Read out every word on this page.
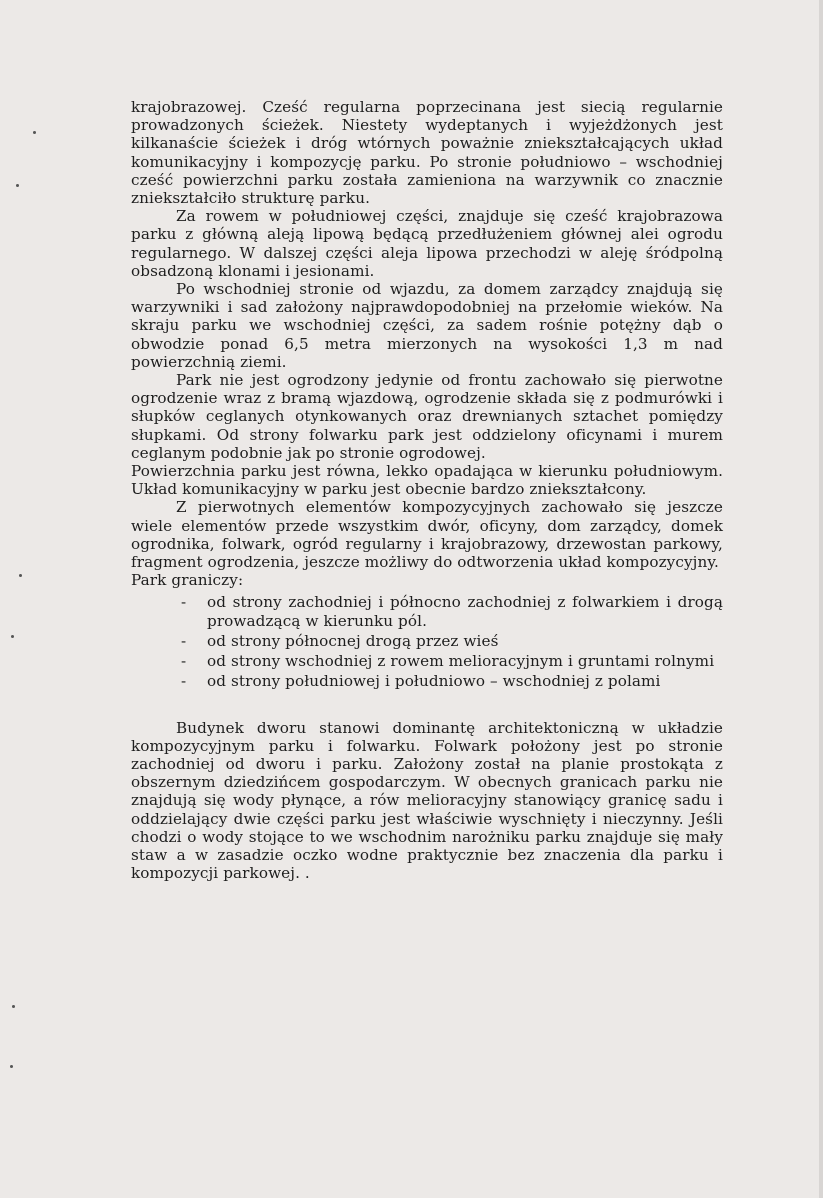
krajobrazowej. Cześć regularna poprzecinana jest siecią regularnie prowadzonych ścieżek. Niestety wydeptanych i wyjeżdżonych jest kilkanaście ścieżek i dróg wtórnych poważnie zniekształcających układ komunikacyjny i kompozycję parku. Po stronie południowo – wschodniej cześć powierzchni parku została zamieniona na warzywnik co znacznie zniekształciło strukturę parku.

Za rowem w południowej części, znajduje się cześć krajobrazowa parku z główną aleją lipową będącą przedłużeniem głównej alei ogrodu regularnego. W dalszej części aleja lipowa przechodzi w aleję śródpolną obsadzoną klonami i jesionami.

Po wschodniej stronie od wjazdu, za domem zarządcy znajdują się warzywniki i sad założony najprawdopodobniej na przełomie wieków. Na skraju parku we wschodniej części, za sadem rośnie potężny dąb o obwodzie ponad 6,5 metra mierzonych na wysokości 1,3 m nad powierzchnią ziemi.

Park nie jest ogrodzony jedynie od frontu zachowało się pierwotne ogrodzenie wraz z bramą wjazdową, ogrodzenie składa się z podmurówki i słupków ceglanych otynkowanych oraz drewnianych sztachet pomiędzy słupkami. Od strony folwarku park jest oddzielony oficynami i murem ceglanym podobnie jak po stronie ogrodowej.

Powierzchnia parku jest równa, lekko opadająca w kierunku południowym. Układ komunikacyjny w parku jest obecnie bardzo zniekształcony.

Z pierwotnych elementów kompozycyjnych zachowało się jeszcze wiele elementów przede wszystkim dwór, oficyny, dom zarządcy, domek ogrodnika, folwark, ogród regularny i krajobrazowy, drzewostan parkowy, fragment ogrodzenia, jeszcze możliwy do odtworzenia układ kompozycyjny.

Park graniczy:

- od strony zachodniej i północno zachodniej z folwarkiem i drogą prowadzącą w kierunku pól.
- od strony północnej drogą przez wieś
- od strony wschodniej z rowem melioracyjnym i gruntami rolnymi
- od strony południowej i południowo – wschodniej z polami

Budynek dworu stanowi dominantę architektoniczną w układzie kompozycyjnym parku i folwarku. Folwark położony jest po stronie zachodniej od dworu i parku. Założony został na planie prostokąta z obszernym dziedzińcem gospodarczym. W obecnych granicach parku nie znajdują się wody płynące, a rów melioracyjny stanowiący granicę sadu i oddzielający dwie części parku jest właściwie wyschnięty i nieczynny. Jeśli chodzi o wody stojące to we wschodnim narożniku parku znajduje się mały staw a w zasadzie oczko wodne praktycznie bez znaczenia dla parku i kompozycji parkowej. .
